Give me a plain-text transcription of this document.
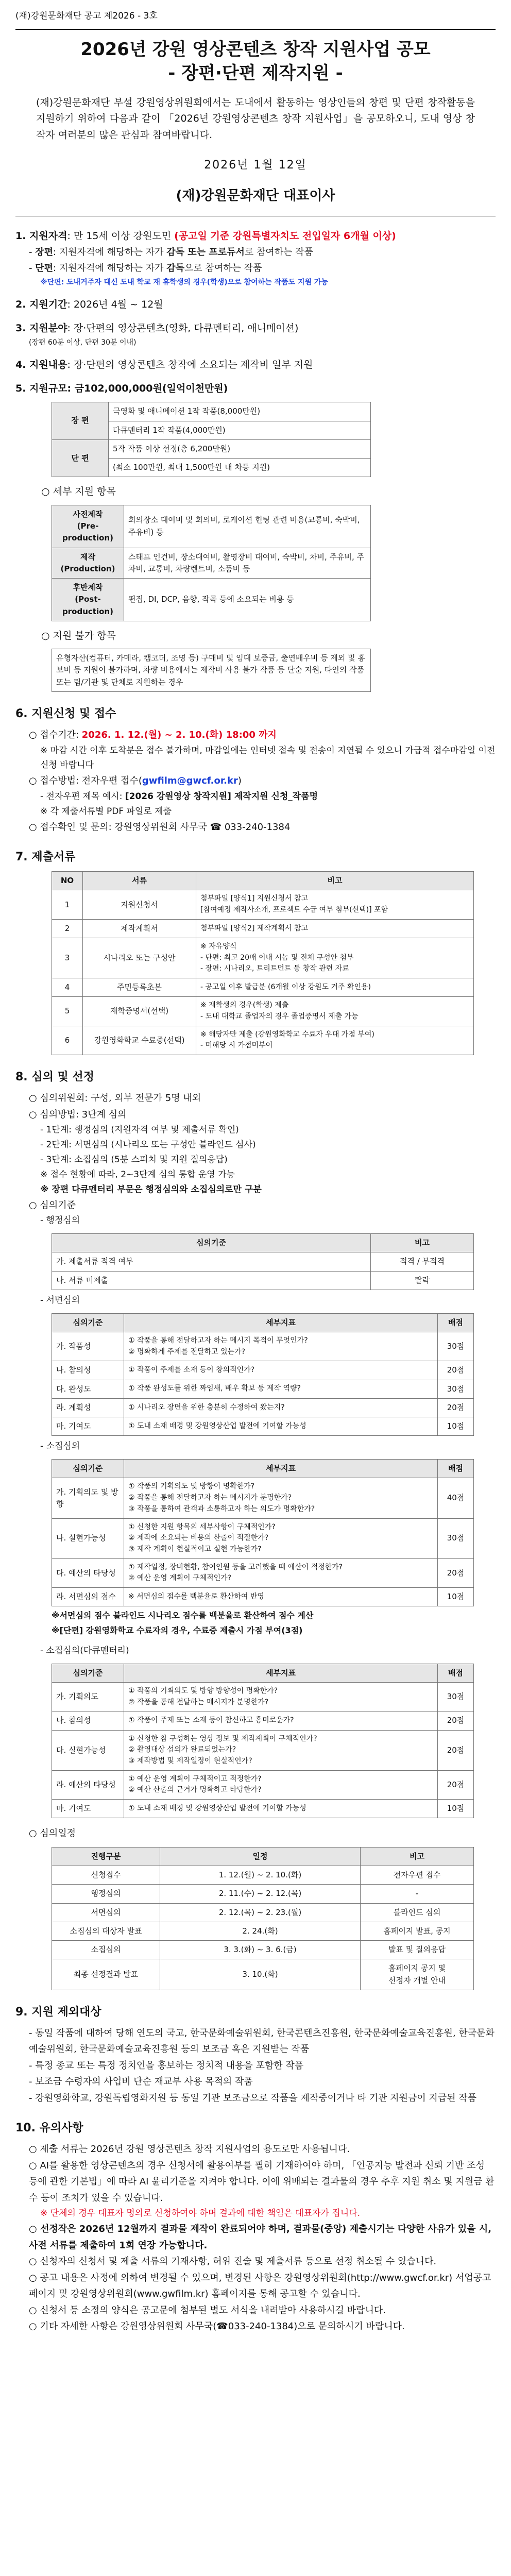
(재)강원문화재단 공고 제2026 - 3호
2026년 강원 영상콘텐츠 창작 지원사업 공모
- 장편·단편 제작지원 -
(재)강원문화재단 부설 강원영상위원회에서는 도내에서 활동하는 영상인들의 창편 및 단편 창작활동을 지원하기 위하여 다음과 같이 「2026년 강원영상콘텐츠 창작 지원사업」을 공모하오니, 도내 영상 창작자 여러분의 많은 관심과 참여바랍니다.
2026년 1월 12일
(재)강원문화재단 대표이사
1. 지원자격: 만 15세 이상 강원도민 (공고일 기준 강원특별자치도 전입일자 6개월 이상)
- 장편: 지원자격에 해당하는 자가 감독 또는 프로듀서로 참여하는 작품
- 단편: 지원자격에 해당하는 자가 감독으로 참여하는 작품
※단편: 도내거주자 대신 도내 학교 재 휴학생의 경우(학생)으로 참여하는 작품도 지원 가능
2. 지원기간: 2026년 4월 ~ 12월
3. 지원분야: 장·단편의 영상콘텐츠(영화, 다큐멘터리, 애니메이션)
(장편 60분 이상, 단편 30분 이내)
4. 지원내용: 장·단편의 영상콘텐츠 창작에 소요되는 제작비 일부 지원
5. 지원규모: 금102,000,000원(일억이천만원)
장 편	극영화 및 애니메이션 1작 작품(8,000만원)
	다큐멘터리 1작 작품(4,000만원)
단 편	5작 작품 이상 선정(총 6,200만원)
	(최소 100만원, 최대 1,500만원 내 차등 지원)
○ 세부 지원 항목
사전제작
(Pre-production)	회의장소 대여비 및 회의비, 로케이션 헌팅 관련 비용(교통비, 숙박비, 주유비) 등
제작
(Production)	스태프 인건비, 장소대여비, 촬영장비 대여비, 숙박비, 차비, 주유비, 주차비, 교통비, 차량렌트비, 소품비 등
후반제작
(Post-production)	편집, DI, DCP, 음향, 작곡 등에 소요되는 비용 등
○ 지원 불가 항목
유형자산(컴퓨터, 카메라, 캠코더, 조명 등) 구매비 및 임대 보증금, 출연배우비 등 제외 및 홍보비 등 지원이 불가하며, 차량 비용에서는 제작비 사용 불가 작품 등 단순 지원, 타인의 작품 또는 팀/기관 및 단체로 지원하는 경우
6. 지원신청 및 접수
○ 접수기간: 2026. 1. 12.(월) ~ 2. 10.(화) 18:00 까지
※ 마감 시간 이후 도착분은 접수 불가하며, 마감일에는 인터넷 접속 및 전송이 지연될 수 있으니 가급적 접수마감일 이전 신청 바랍니다
○ 접수방법: 전자우편 접수(gwfilm@gwcf.or.kr)
- 전자우편 제목 예시: [2026 강원영상 창작지원] 제작지원 신청_작품명
※ 각 제출서류별 PDF 파일로 제출
○ 접수확인 및 문의: 강원영상위원회 사무국 ☎ 033-240-1384
7. 제출서류
NO	서류	비고
1	지원신청서	첨부파일 [양식1] 지원신청서 참고
[참여예정 제작사소개, 프로젝트 수급 여부 첨부(선택)] 포함
2	제작계획서	첨부파일 [양식2] 제작계획서 참고
3	시나리오 또는 구성안	※ 자유양식
- 단편: 최고 20매 이내 시놉 및 전체 구성안 첨부
- 장편: 시나리오, 트리트먼트 등 창작 관련 자료
4	주민등록초본	- 공고일 이후 발급분 (6개월 이상 강원도 거주 확인용)
5	재학증명서(선택)	※ 재학생의 경우(학생) 제출
- 도내 대학교 졸업자의 경우 졸업증명서 제출 가능
6	강원영화학교 수료증(선택)	※ 해당자만 제출 (강원영화학교 수료자 우대 가점 부여)
- 미해당 시 가점미부여
8. 심의 및 선정
○ 심의위원회: 구성, 외부 전문가 5명 내외
○ 심의방법: 3단계 심의
- 1단계: 행정심의 (지원자격 여부 및 제출서류 확인)
- 2단계: 서면심의 (시나리오 또는 구성안 블라인드 심사)
- 3단계: 소집심의 (5분 스피치 및 지원 질의응답)
※ 접수 현황에 따라, 2~3단계 심의 통합 운영 가능
※ 장편 다큐멘터리 부문은 행정심의와 소집심의로만 구분
○ 심의기준
- 행정심의
심의기준	비고
가. 제출서류 적격 여부	적격 / 부적격
나. 서류 미제출	탈락
- 서면심의
심의기준	세부지표	배점
가. 작품성	① 작품을 통해 전달하고자 하는 메시지 목적이 무엇인가?
② 명확하게 주제를 전달하고 있는가?	30점
나. 참의성	① 작품이 주제를 소재 등이 창의적인가?	20점
다. 완성도	① 작품 완성도를 위한 짜임새, 배우 확보 등 제작 역량?	30점
라. 계획성	① 시나리오 장면을 위한 충분히 수정하여 왔는지?	20점
마. 기여도	① 도내 소재 배경 및 강원영상산업 발전에 기여할 가능성	10점
- 소집심의
심의기준	세부지표	배점
가. 기획의도 및 방향	① 작품의 기획의도 및 방향이 명확한가?
② 작품을 통해 전달하고자 하는 메시지가 분명한가?
③ 작품을 통하여 관객과 소통하고자 하는 의도가 명확한가?	40점
나. 실현가능성	① 신청한 지원 항목의 세부사항이 구체적인가?
② 제작에 소요되는 비용의 산출이 적절한가?
③ 제작 계획이 현실적이고 실현 가능한가?	30점
다. 예산의 타당성	① 제작일정, 장비현황, 참여인원 등을 고려했을 때 예산이 적정한가?
② 예산 운영 계획이 구체적인가?	20점
라. 서면심의 점수	※ 서면심의 점수를 백분율로 환산하여 반영	10점
※서면심의 점수 블라인드 시나리오 점수를 백분율로 환산하여 점수 계산
※[단편] 강원영화학교 수료자의 경우, 수료증 제출시 가점 부여(3점)
- 소집심의(다큐멘터리)
심의기준	세부지표	배점
가. 기획의도	① 작품의 기획의도 및 방향 방향성이 명확한가?
② 작품을 통해 전달하는 메시지가 분명한가?	30점
나. 참의성	① 작품이 주제 또는 소재 등이 참신하고 흥미로운가?	20점
다. 실현가능성	① 신청한 참 구성하는 영상 정보 및 제작계획이 구체적인가?
② 촬영대상 섭외가 완료되었는가?
③ 제작방법 및 제작일정이 현실적인가?	20점
라. 예산의 타당성	① 예산 운영 계획이 구체적이고 적정한가?
② 예산 산출의 근거가 명확하고 타당한가?	20점
마. 기여도	① 도내 소재 배경 및 강원영상산업 발전에 기여할 가능성	10점
○ 심의일정
진행구분	일정	비고
신청접수	1. 12.(월) ~ 2. 10.(화)	전자우편 접수
행정심의	2. 11.(수) ~ 2. 12.(목)	-
서면심의	2. 12.(목) ~ 2. 23.(월)	블라인드 심의
소집심의 대상자 발표	2. 24.(화)	홈페이지 발표, 공지
소집심의	3. 3.(화) ~ 3. 6.(금)	발표 및 질의응답
최종 선정결과 발표	3. 10.(화)	홈페이지 공지 및
선정자 개별 안내
9. 지원 제외대상
- 동일 작품에 대하여 당해 연도의 국고, 한국문화예술위원회, 한국콘텐츠진흥원, 한국문화예술교육진흥원, 한국문화예술위원회, 한국문화예술교육진흥원 등의 보조금 혹은 지원받는 작품
- 특정 종교 또는 특정 정치인을 홍보하는 정치적 내용을 포함한 작품
- 보조금 수령자의 사업비 단순 재교부 사용 목적의 작품
- 강원영화학교, 강원독립영화지원 등 동일 기관 보조금으로 작품을 제작중이거나 타 기관 지원금이 지급된 작품
10. 유의사항
○ 제출 서류는 2026년 강원 영상콘텐츠 창작 지원사업의 용도로만 사용됩니다.
○ AI를 활용한 영상콘텐츠의 경우 신청서에 활용여부를 필히 기재하여야 하며, 「인공지능 발전과 신뢰 기반 조성 등에 관한 기본법」에 따라 AI 윤리기준을 지켜야 합니다. 이에 위배되는 결과물의 경우 추후 지원 취소 및 지원금 환수 등이 조치가 있을 수 있습니다.
※ 단체의 경우 대표자 명의로 신청하여야 하며 결과에 대한 책임은 대표자가 집니다.
○ 선정작은 2026년 12월까지 결과물 제작이 완료되어야 하며, 결과물(중앙) 제출시기는 다양한 사유가 있을 시, 사전 서류를 제출하여 1회 연장 가능합니다.
○ 신청자의 신청서 및 제출 서류의 기재사항, 허위 진술 및 제출서류 등으로 선정 취소될 수 있습니다.
○ 공고 내용은 사정에 의하여 변경될 수 있으며, 변경된 사항은 강원영상위원회(http://www.gwcf.or.kr) 서업공고 페이지 및 강원영상위원회(www.gwfilm.kr) 홈페이지를 통해 공고할 수 있습니다.
○ 신청서 등 소정의 양식은 공고문에 첨부된 별도 서식을 내려받아 사용하시길 바랍니다.
○ 기타 자세한 사항은 강원영상위원회 사무국(☎033-240-1384)으로 문의하시기 바랍니다.
